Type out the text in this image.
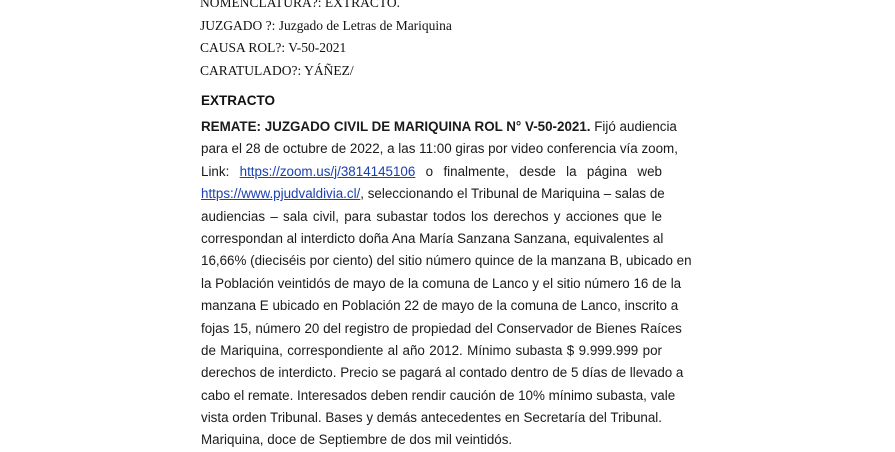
NOMENCLATURA?: EXTRACTO.
JUZGADO ?: Juzgado de Letras de Mariquina
CAUSA ROL?: V-50-2021
CARATULADO?: YÁÑEZ/
EXTRACTO
REMATE: JUZGADO CIVIL DE MARIQUINA ROL N° V-50-2021. Fijó audiencia
para el 28 de octubre de 2022, a las 11:00 giras por video conferencia vía zoom,
Link: https://zoom.us/j/3814145106 o finalmente, desde la página web
https://www.pjudvaldivia.cl/, seleccionando el Tribunal de Mariquina – salas de
audiencias – sala civil, para subastar todos los derechos y acciones que le
correspondan al interdicto doña Ana María Sanzana Sanzana, equivalentes al
16,66% (dieciséis por ciento) del sitio número quince de la manzana B, ubicado en
la Población veintidós de mayo de la comuna de Lanco y el sitio número 16 de la
manzana E ubicado en Población 22 de mayo de la comuna de Lanco, inscrito a
fojas 15, número 20 del registro de propiedad del Conservador de Bienes Raíces
de Mariquina, correspondiente al año 2012. Mínimo subasta $ 9.999.999 por
derechos de interdicto. Precio se pagará al contado dentro de 5 días de llevado a
cabo el remate. Interesados deben rendir caución de 10% mínimo subasta, vale
vista orden Tribunal. Bases y demás antecedentes en Secretaría del Tribunal.
Mariquina, doce de Septiembre de dos mil veintidós.
